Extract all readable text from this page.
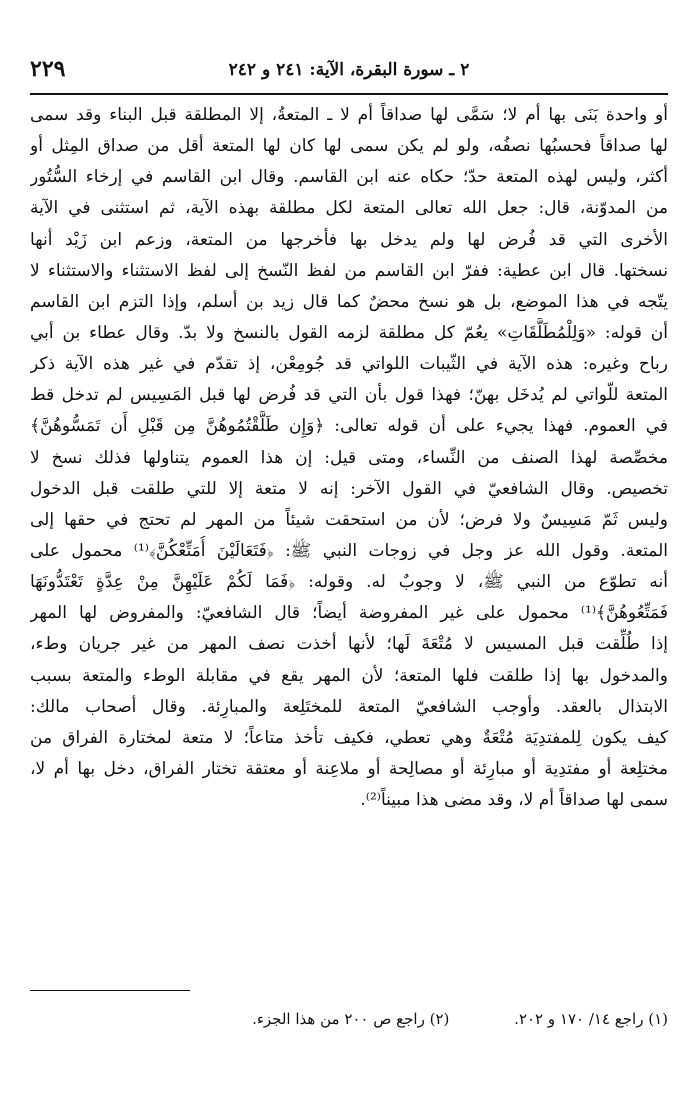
٢ ـ سورة البقرة، الآية: ٢٤١ و ٢٤٢
٢٢٩
أو واحدة بَنَى بها أم لا؛ سَمَّى لها صداقاً أم لا ـ المتعةُ، إلا المطلقة قبل البناء وقد سمى
لها صداقاً فحسبُها نصفُه، ولو لم يكن سمى لها كان لها المتعة أقل من صداق المِثل أو
أكثر، وليس لهذه المتعة حدّ؛ حكاه عنه ابن القاسم. وقال ابن القاسم في إرخاء السُّتُور
من المدوّنة، قال: جعل الله تعالى المتعة لكل مطلقة بهذه الآية، ثم استثنى في الآية
الأخرى التي قد فُرض لها ولم يدخل بها فأخرجها من المتعة، وزعم ابن زَيْد أنها
نسختها. قال ابن عطية: ففرّ ابن القاسم من لفظ النّسخ إلى لفظ الاستثناء والاستثناء لا
يتّجه في هذا الموضع، بل هو نسخ محضٌ كما قال زيد بن أسلم، وإذا التزم ابن القاسم
أن قوله: «وَلِلْمُطَلَّقَاتِ» يعُمّ كل مطلقة لزمه القول بالنسخ ولا بدّ. وقال عطاء بن أبي
رباح وغيره: هذه الآية في الثّيبات اللواتي قد جُومِعْن، إذ تقدّم في غير هذه الآية ذكر
المتعة للّواتي لم يُدخَل بهنّ؛ فهذا قول بأن التي قد فُرض لها قبل المَسِيس لم تدخل قط
في العموم. فهذا يجيء على أن قوله تعالى: ﴿وَإِن طَلَّقْتُمُوهُنَّ مِن قَبْلِ أَن تَمَسُّوهُنَّ﴾
مخصِّصة لهذا الصنف من النِّساء، ومتى قيل: إن هذا العموم يتناولها فذلك نسخ لا
تخصيص. وقال الشافعيّ في القول الآخر: إنه لا متعة إلا للتي طلقت قبل الدخول
وليس ثَمّ مَسِيسٌ ولا فرض؛ لأن من استحقت شيئاً من المهر لم تحتج في حقها إلى
المتعة. وقول الله عز وجل في زوجات النبي ﷺ: ﴿فَتَعَالَيْنَ أُمَتِّعْكُنَّ﴾⁽¹⁾ محمول على
أنه تطوّع من النبي ﷺ، لا وجوبٌ له. وقوله: ﴿فَمَا لَكُمْ عَلَيْهِنَّ مِنْ عِدَّةٍ تَعْتَدُّونَهَا
فَمَتِّعُوهُنَّ﴾⁽¹⁾ محمول على غير المفروضة أيضاً؛ قال الشافعيّ: والمفروض لها المهر
إذا طُلِّقت قبل المسيس لا مُتْعَةَ لَها؛ لأنها أخذت نصف المهر من غير جريان وطء،
والمدخول بها إذا طلقت فلها المتعة؛ لأن المهر يقع في مقابلة الوطء والمتعة بسبب
الابتذال بالعقد. وأوجب الشافعيّ المتعة للمختَلِعة والمبارِئة. وقال أصحاب مالك:
كيف يكون لِلمفتدِيَة مُتْعَةٌ وهي تعطي، فكيف تأخذ متاعاً؛ لا متعة لمختارة الفراق من
مختلِعة أو مفتدِية أو مبارِئة أو مصالِحة أو ملاعِنة أو معتقة تختار الفراق، دخل بها أم لا،
سمى لها صداقاً أم لا، وقد مضى هذا مبيناً⁽²⁾.
(١) راجع ١٤/ ١٧٠ و ٢٠٢. (٢) راجع ص ٢٠٠ من هذا الجزء.
